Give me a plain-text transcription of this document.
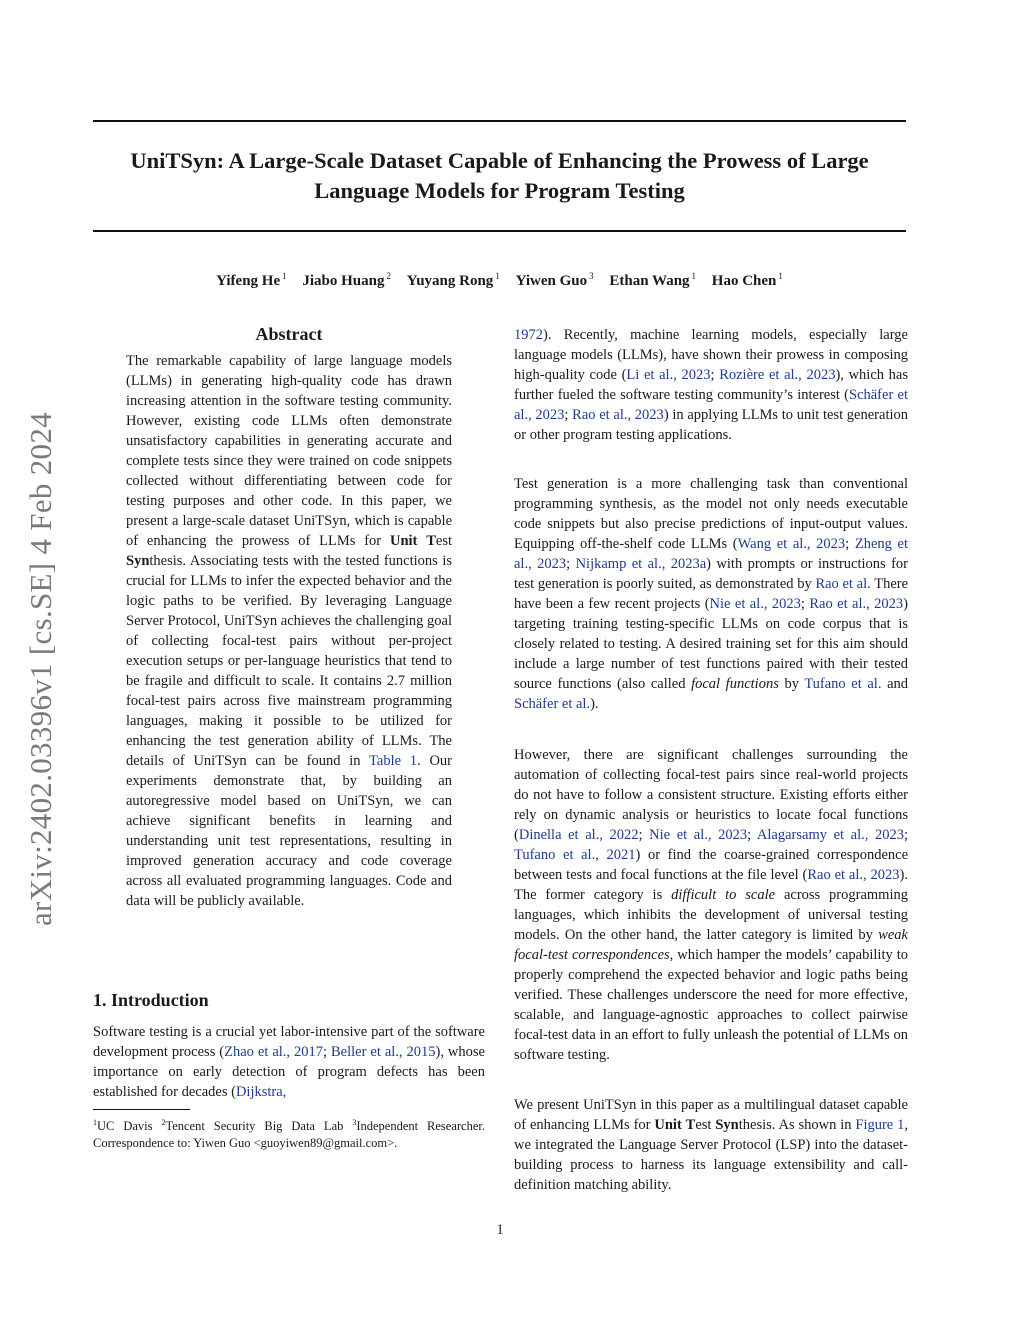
UniTSyn: A Large-Scale Dataset Capable of Enhancing the Prowess of Large
Language Models for Program Testing
arXiv:2402.03396v1 [cs.SE] 4 Feb 2024

Yifeng He $^1$ Jiabo Huang $^2$ Yuyang Rong $^1$ Yiwen Guo $^3$ Ethan Wang $^1$ Hao Chen $^1$

Abstract

The remarkable capability of large language models (LLMs) in generating high-quality code has drawn increasing attention in the software testing community. However, existing code LLMs often demonstrate unsatisfactory capabilities in generating accurate and complete tests since they were trained on code snippets collected without differentiating between code for testing purposes and other code. In this paper, we present a large-scale dataset UniTSyn, which is capable of enhancing the prowess of LLMs for Unit Test Synthesis. Associating tests with the tested functions is crucial for LLMs to infer the expected behavior and the logic paths to be verified. By leveraging Language Server Protocol, UniTSyn achieves the challenging goal of collecting focal-test pairs without per-project execution setups or per-language heuristics that tend to be fragile and difficult to scale. It contains 2.7 million focal-test pairs across five mainstream programming languages, making it possible to be utilized for enhancing the test generation ability of LLMs. The details of UniTSyn can be found in Table 1. Our experiments demonstrate that, by building an autoregressive model based on UniTSyn, we can achieve significant benefits in learning and understanding unit test representations, resulting in improved generation accuracy and code coverage across all evaluated programming languages. Code and data will be publicly available.

1. Introduction

Software testing is a crucial yet labor-intensive part of the software development process (Zhao et al., 2017; Beller et al., 2015), whose importance on early detection of program defects has been established for decades (Dijkstra,

$^1$UC Davis $^2$Tencent Security Big Data Lab $^3$Independent Researcher. Correspondence to: Yiwen Guo <guoyiwen89@gmail.com>.

1972). Recently, machine learning models, especially large language models (LLMs), have shown their prowess in composing high-quality code (Li et al., 2023; Rozière et al., 2023), which has further fueled the software testing community’s interest (Schäfer et al., 2023; Rao et al., 2023) in applying LLMs to unit test generation or other program testing applications.

Test generation is a more challenging task than conventional programming synthesis, as the model not only needs executable code snippets but also precise predictions of input-output values. Equipping off-the-shelf code LLMs (Wang et al., 2023; Zheng et al., 2023; Nijkamp et al., 2023a) with prompts or instructions for test generation is poorly suited, as demonstrated by Rao et al. There have been a few recent projects (Nie et al., 2023; Rao et al., 2023) targeting training testing-specific LLMs on code corpus that is closely related to testing. A desired training set for this aim should include a large number of test functions paired with their tested source functions (also called focal functions by Tufano et al. and Schäfer et al.).

However, there are significant challenges surrounding the automation of collecting focal-test pairs since real-world projects do not have to follow a consistent structure. Existing efforts either rely on dynamic analysis or heuristics to locate focal functions (Dinella et al., 2022; Nie et al., 2023; Alagarsamy et al., 2023; Tufano et al., 2021) or find the coarse-grained correspondence between tests and focal functions at the file level (Rao et al., 2023). The former category is difficult to scale across programming languages, which inhibits the development of universal testing models. On the other hand, the latter category is limited by weak focal-test correspondences, which hamper the models’ capability to properly comprehend the expected behavior and logic paths being verified. These challenges underscore the need for more effective, scalable, and language-agnostic approaches to collect pairwise focal-test data in an effort to fully unleash the potential of LLMs on software testing.

We present UniTSyn in this paper as a multilingual dataset capable of enhancing LLMs for Unit Test Synthesis. As shown in Figure 1, we integrated the Language Server Protocol (LSP) into the dataset-building process to harness its language extensibility and call-definition matching ability.

1
